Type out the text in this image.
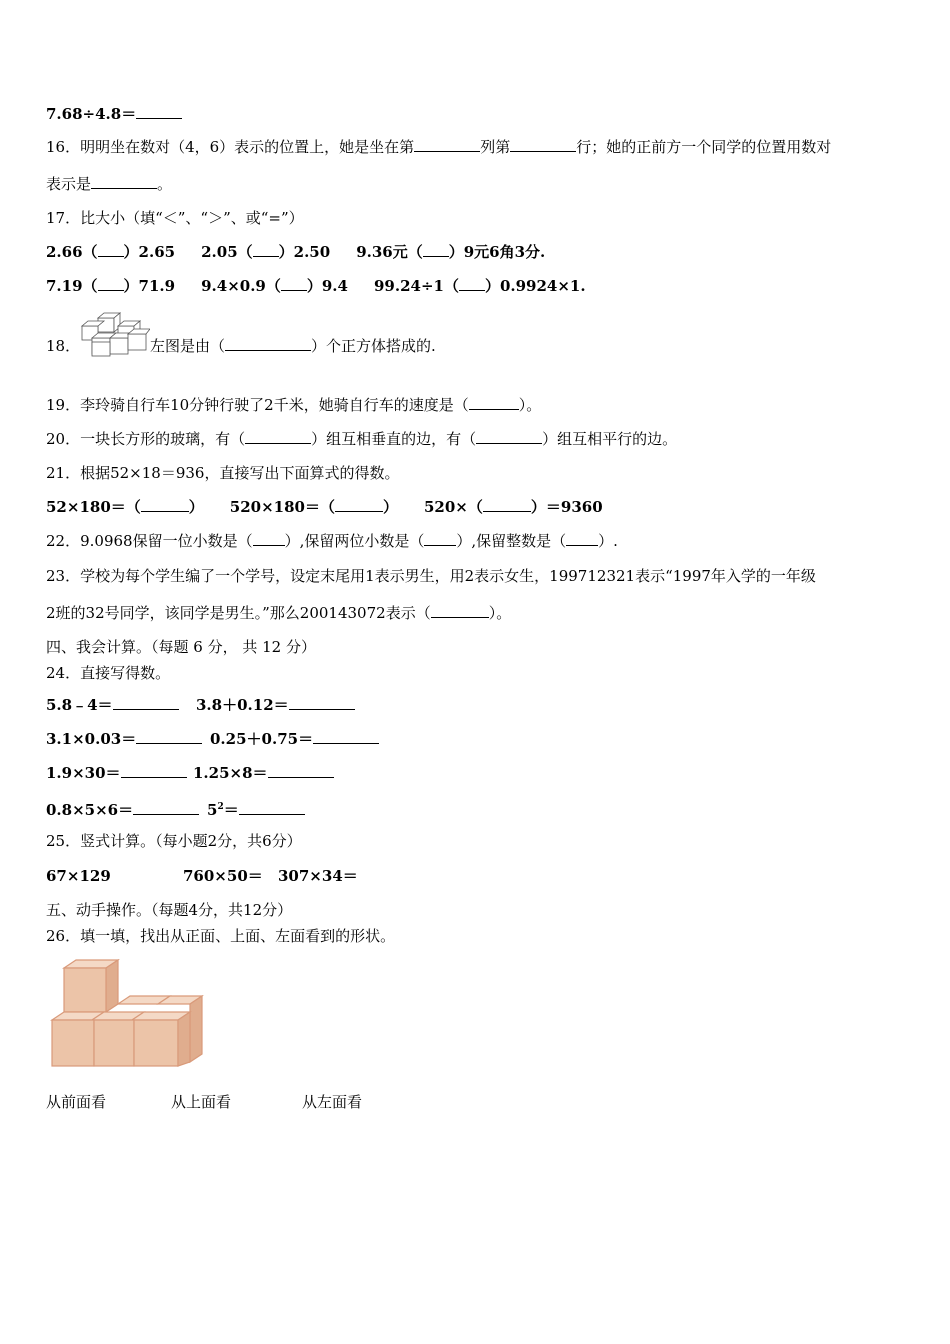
7.68÷4.8＝
16．明明坐在数对（4，6）表示的位置上，她是坐在第	列第	行；她的正前方一个同学的位置用数对
表示是	。
17．比大小（填“＜”、“＞”、或“=”）
2.66（ ）2.65 2.05（ ）2.50 9.36元（ ）9元6角3分.
7.19（ ）71.9 9.4×0.9（ ）9.4 99.24÷1（ ）0.9924×1.
18．	左图是由（	）个正方体搭成的.
19．李玲骑自行车10分钟行驶了2千米，她骑自行车的速度是（	）。
20．一块长方形的玻璃，有（	）组互相垂直的边，有（	）组互相平行的边。
21．根据52×18＝936，直接写出下面算式的得数。
52×180＝（	） 520×180＝（	） 520×（	）＝9360
22．9.0968保留一位小数是（ ）,保留两位小数是（ ）,保留整数是（ ）.
23．学校为每个学生编了一个学号，设定末尾用1表示男生，用2表示女生，199712321表示“1997年入学的一年级
2班的32号同学，该同学是男生。”那么200143072表示（	）。
四、我会计算。（每题 6 分， 共 12 分）
24．直接写得数。
5.8﹣4＝	3.8＋0.12＝
3.1×0.03＝	0.25＋0.75＝
1.9×30＝	1.25×8＝
0.8×5×6＝	$5^2=$
25．竖式计算。（每小题2分，共6分）
67×129	760×50＝ 307×34＝
五、动手操作。（每题4分，共12分）
26．填一填，找出从正面、上面、左面看到的形状。
从前面看	从上面看	从左面看
